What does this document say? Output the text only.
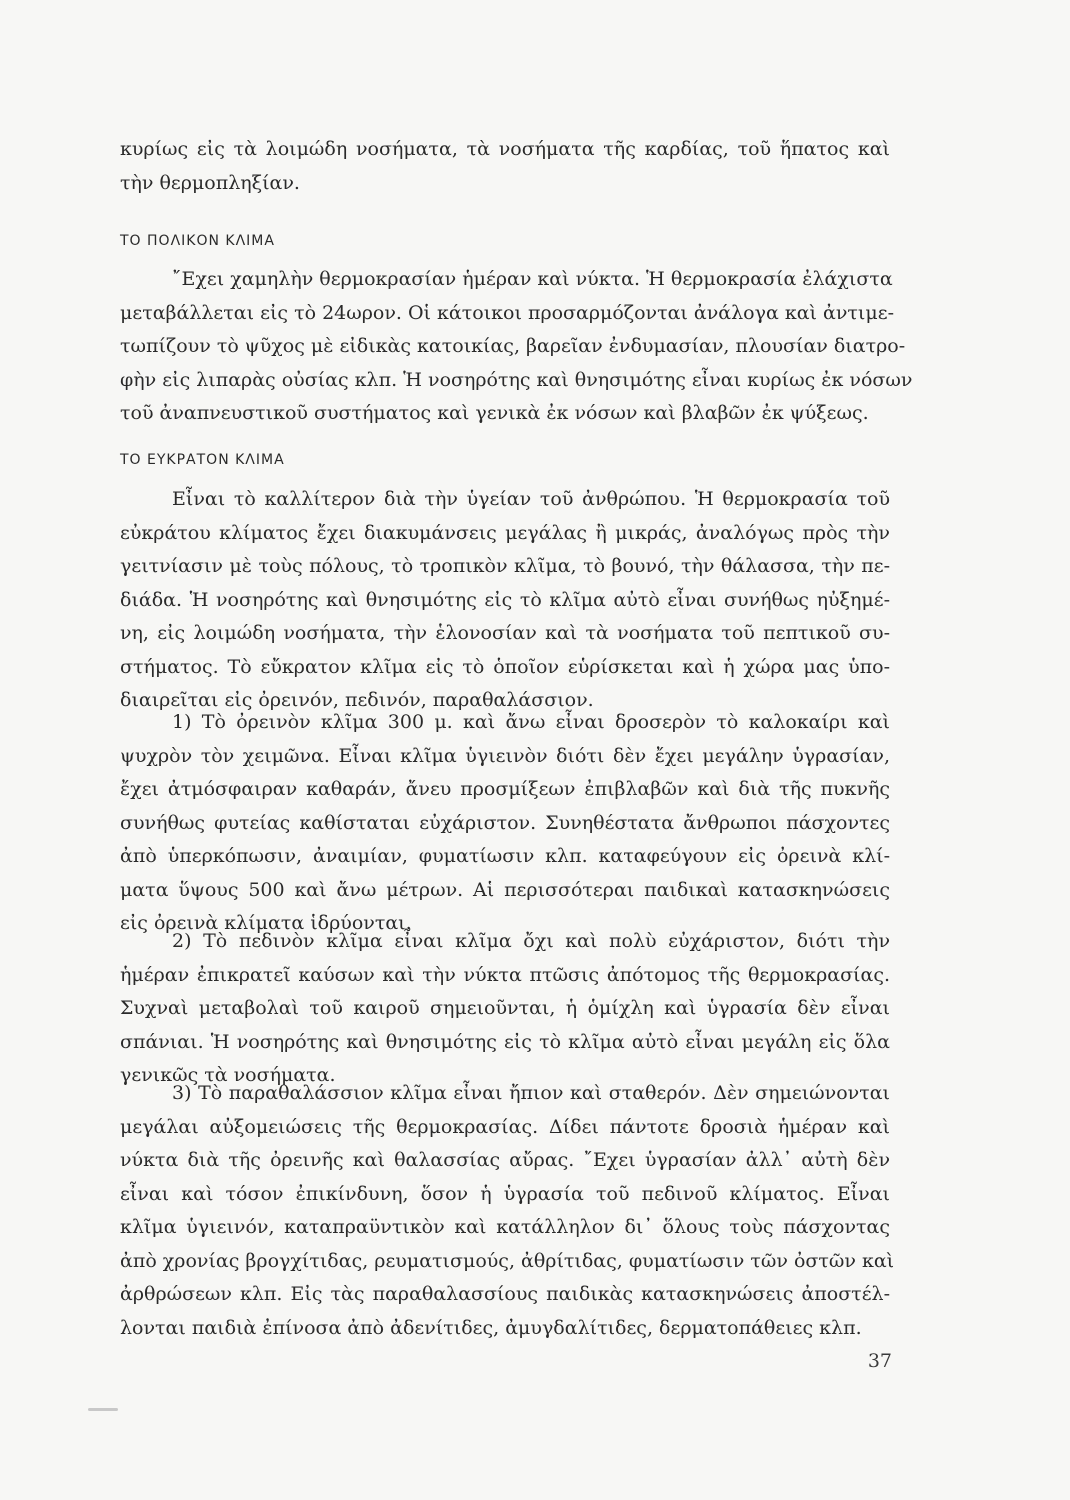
κυρίως εἰς τὰ λοιμώδη νοσήματα, τὰ νοσήματα τῆς καρδίας, τοῦ ἥπατος καὶ
τὴν θερμοπληξίαν.

ΤΟ ΠΟΛΙΚΟΝ ΚΛΙΜΑ

῎Εχει χαμηλὴν θερμοκρασίαν ἡμέραν καὶ νύκτα. Ἡ θερμοκρασία ἐλάχιστα
μεταβάλλεται εἰς τὸ 24ωρον. Οἱ κάτοικοι προσαρμόζονται ἀνάλογα καὶ ἀντιμε-
τωπίζουν τὸ ψῦχος μὲ εἰδικὰς κατοικίας, βαρεῖαν ἐνδυμασίαν, πλουσίαν διατρο-
φὴν εἰς λιπαρὰς οὐσίας κλπ. Ἡ νοσηρότης καὶ θνησιμότης εἶναι κυρίως ἐκ νόσων
τοῦ ἀναπνευστικοῦ συστήματος καὶ γενικὰ ἐκ νόσων καὶ βλαβῶν ἐκ ψύξεως.

ΤΟ ΕΥΚΡΑΤΟΝ ΚΛΙΜΑ

Εἶναι τὸ καλλίτερον διὰ τὴν ὑγείαν τοῦ ἀνθρώπου. Ἡ θερμοκρασία τοῦ
εὐκράτου κλίματος ἔχει διακυμάνσεις μεγάλας ἢ μικράς, ἀναλόγως πρὸς τὴν
γειτνίασιν μὲ τοὺς πόλους, τὸ τροπικὸν κλῖμα, τὸ βουνό, τὴν θάλασσα, τὴν πε-
διάδα. Ἡ νοσηρότης καὶ θνησιμότης εἰς τὸ κλῖμα αὐτὸ εἶναι συνήθως ηὐξημέ-
νη, εἰς λοιμώδη νοσήματα, τὴν ἑλονοσίαν καὶ τὰ νοσήματα τοῦ πεπτικοῦ συ-
στήματος. Τὸ εὔκρατον κλῖμα εἰς τὸ ὁποῖον εὑρίσκεται καὶ ἡ χώρα μας ὑπο-
διαιρεῖται εἰς ὀρεινόν, πεδινόν, παραθαλάσσιον.

1) Τὸ ὀρεινὸν κλῖμα 300 μ. καὶ ἄνω εἶναι δροσερὸν τὸ καλοκαίρι καὶ
ψυχρὸν τὸν χειμῶνα. Εἶναι κλῖμα ὑγιεινὸν διότι δὲν ἔχει μεγάλην ὑγρασίαν,
ἔχει ἀτμόσφαιραν καθαράν, ἄνευ προσμίξεων ἐπιβλαβῶν καὶ διὰ τῆς πυκνῆς
συνήθως φυτείας καθίσταται εὐχάριστον. Συνηθέστατα ἄνθρωποι πάσχοντες
ἀπὸ ὑπερκόπωσιν, ἀναιμίαν, φυματίωσιν κλπ. καταφεύγουν εἰς ὀρεινὰ κλί-
ματα ὕψους 500 καὶ ἄνω μέτρων. Αἱ περισσότεραι παιδικαὶ κατασκηνώσεις
εἰς ὀρεινὰ κλίματα ἱδρύονται.

2) Τὸ πεδινὸν κλῖμα εἶναι κλῖμα ὄχι καὶ πολὺ εὐχάριστον, διότι τὴν
ἡμέραν ἐπικρατεῖ καύσων καὶ τὴν νύκτα πτῶσις ἀπότομος τῆς θερμοκρασίας.
Συχναὶ μεταβολαὶ τοῦ καιροῦ σημειοῦνται, ἡ ὁμίχλη καὶ ὑγρασία δὲν εἶναι
σπάνιαι. Ἡ νοσηρότης καὶ θνησιμότης εἰς τὸ κλῖμα αὐτὸ εἶναι μεγάλη εἰς ὅλα
γενικῶς τὰ νοσήματα.

3) Τὸ παραθαλάσσιον κλῖμα εἶναι ἤπιον καὶ σταθερόν. Δὲν σημειώνονται
μεγάλαι αὐξομειώσεις τῆς θερμοκρασίας. Δίδει πάντοτε δροσιὰ ἡμέραν καὶ
νύκτα διὰ τῆς ὀρεινῆς καὶ θαλασσίας αὔρας. ῎Εχει ὑγρασίαν ἀλλ᾽ αὐτὴ δὲν
εἶναι καὶ τόσον ἐπικίνδυνη, ὅσον ἡ ὑγρασία τοῦ πεδινοῦ κλίματος. Εἶναι
κλῖμα ὑγιεινόν, καταπραϋντικὸν καὶ κατάλληλον δι᾽ ὅλους τοὺς πάσχοντας
ἀπὸ χρονίας βρογχίτιδας, ρευματισμούς, ἀθρίτιδας, φυματίωσιν τῶν ὀστῶν καὶ
ἀρθρώσεων κλπ. Εἰς τὰς παραθαλασσίους παιδικὰς κατασκηνώσεις ἀποστέλ-
λονται παιδιὰ ἐπίνοσα ἀπὸ ἀδενίτιδες, ἀμυγδαλίτιδες, δερματοπάθειες κλπ.

37
